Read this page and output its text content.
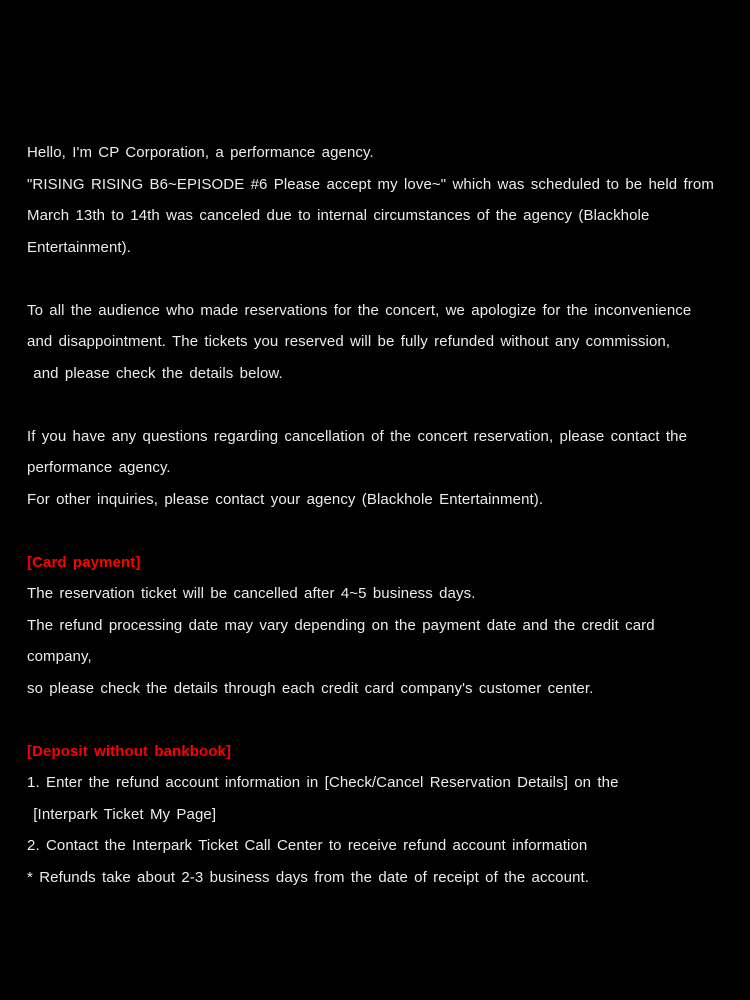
Hello, I'm CP Corporation, a performance agency.
"RISING RISING B6~EPISODE #6 Please accept my love~" which was scheduled to be held from
March 13th to 14th was canceled due to internal circumstances of the agency (Blackhole Entertainment).
To all the audience who made reservations for the concert, we apologize for the inconvenience
and disappointment. The tickets you reserved will be fully refunded without any commission,
and please check the details below.
If you have any questions regarding cancellation of the concert reservation, please contact the
performance agency.
For other inquiries, please contact your agency (Blackhole Entertainment).
[Card payment]
The reservation ticket will be cancelled after 4~5 business days.
The refund processing date may vary depending on the payment date and the credit card company,
so please check the details through each credit card company's customer center.
[Deposit without bankbook]
1. Enter the refund account information in [Check/Cancel Reservation Details] on the
[Interpark Ticket My Page]
2. Contact the Interpark Ticket Call Center to receive refund account information
* Refunds take about 2-3 business days from the date of receipt of the account.
